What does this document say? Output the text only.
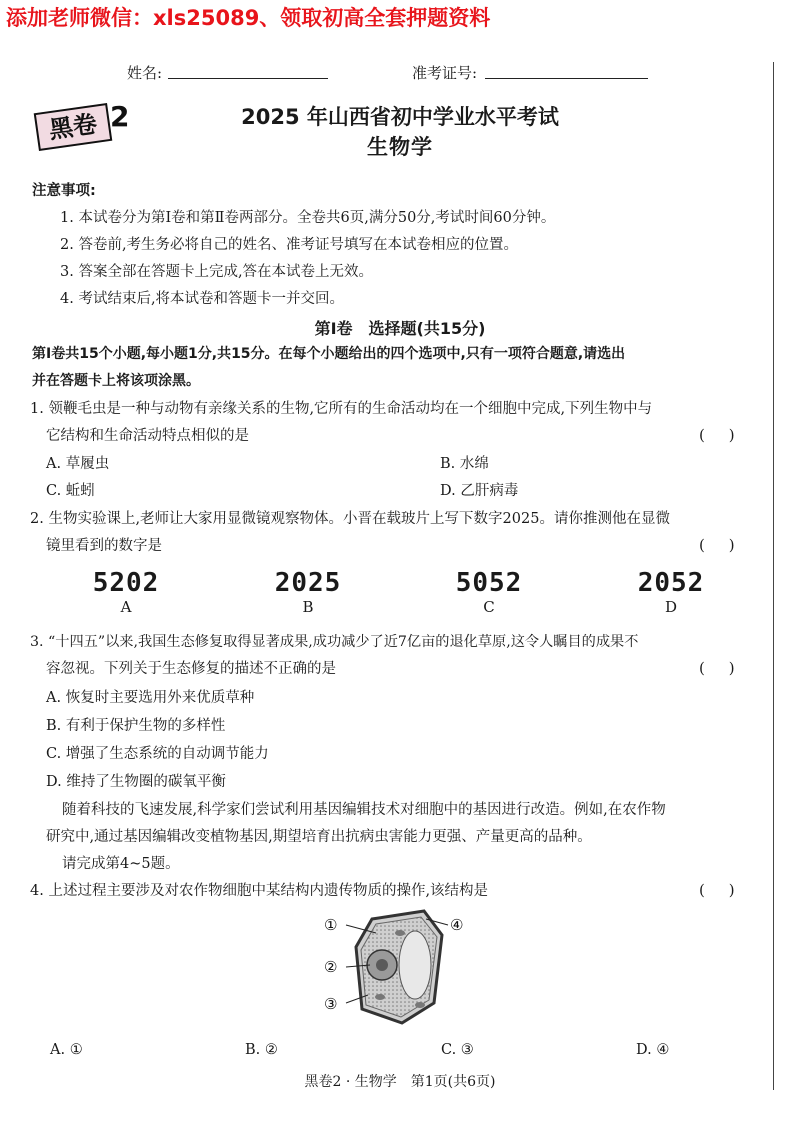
添加老师微信：xls25089、领取初高全套押题资料
姓名:	准考证号:
黑卷 2	2025 年山西省初中学业水平考试
生物学
注意事项:
1. 本试卷分为第Ⅰ卷和第Ⅱ卷两部分。全卷共6页,满分50分,考试时间60分钟。
2. 答卷前,考生务必将自己的姓名、准考证号填写在本试卷相应的位置。
3. 答案全部在答题卡上完成,答在本试卷上无效。
4. 考试结束后,将本试卷和答题卡一并交回。
第Ⅰ卷　选择题(共15分)
第Ⅰ卷共15个小题,每小题1分,共15分。在每个小题给出的四个选项中,只有一项符合题意,请选出
并在答题卡上将该项涂黑。
1. 领鞭毛虫是一种与动物有亲缘关系的生物,它所有的生命活动均在一个细胞中完成,下列生物中与
它结构和生命活动特点相似的是	(     )
A. 草履虫	B. 水绵
C. 蚯蚓	D. 乙肝病毒
2. 生物实验课上,老师让大家用显微镜观察物体。小晋在载玻片上写下数字2025。请你推测他在显微
镜里看到的数字是	(     )
5202
A
2025
B
5052
C
2052
D
3. “十四五”以来,我国生态修复取得显著成果,成功减少了近7亿亩的退化草原,这令人瞩目的成果不
容忽视。下列关于生态修复的描述不正确的是	(     )
A. 恢复时主要选用外来优质草种
B. 有利于保护生物的多样性
C. 增强了生态系统的自动调节能力
D. 维持了生物圈的碳氧平衡
随着科技的飞速发展,科学家们尝试利用基因编辑技术对细胞中的基因进行改造。例如,在农作物
研究中,通过基因编辑改变植物基因,期望培育出抗病虫害能力更强、产量更高的品种。
请完成第4~5题。
4. 上述过程主要涉及对农作物细胞中某结构内遗传物质的操作,该结构是	(     )
①
②
③
④
A. ①	B. ②	C. ③	D. ④
黑卷2 · 生物学　第1页(共6页)
